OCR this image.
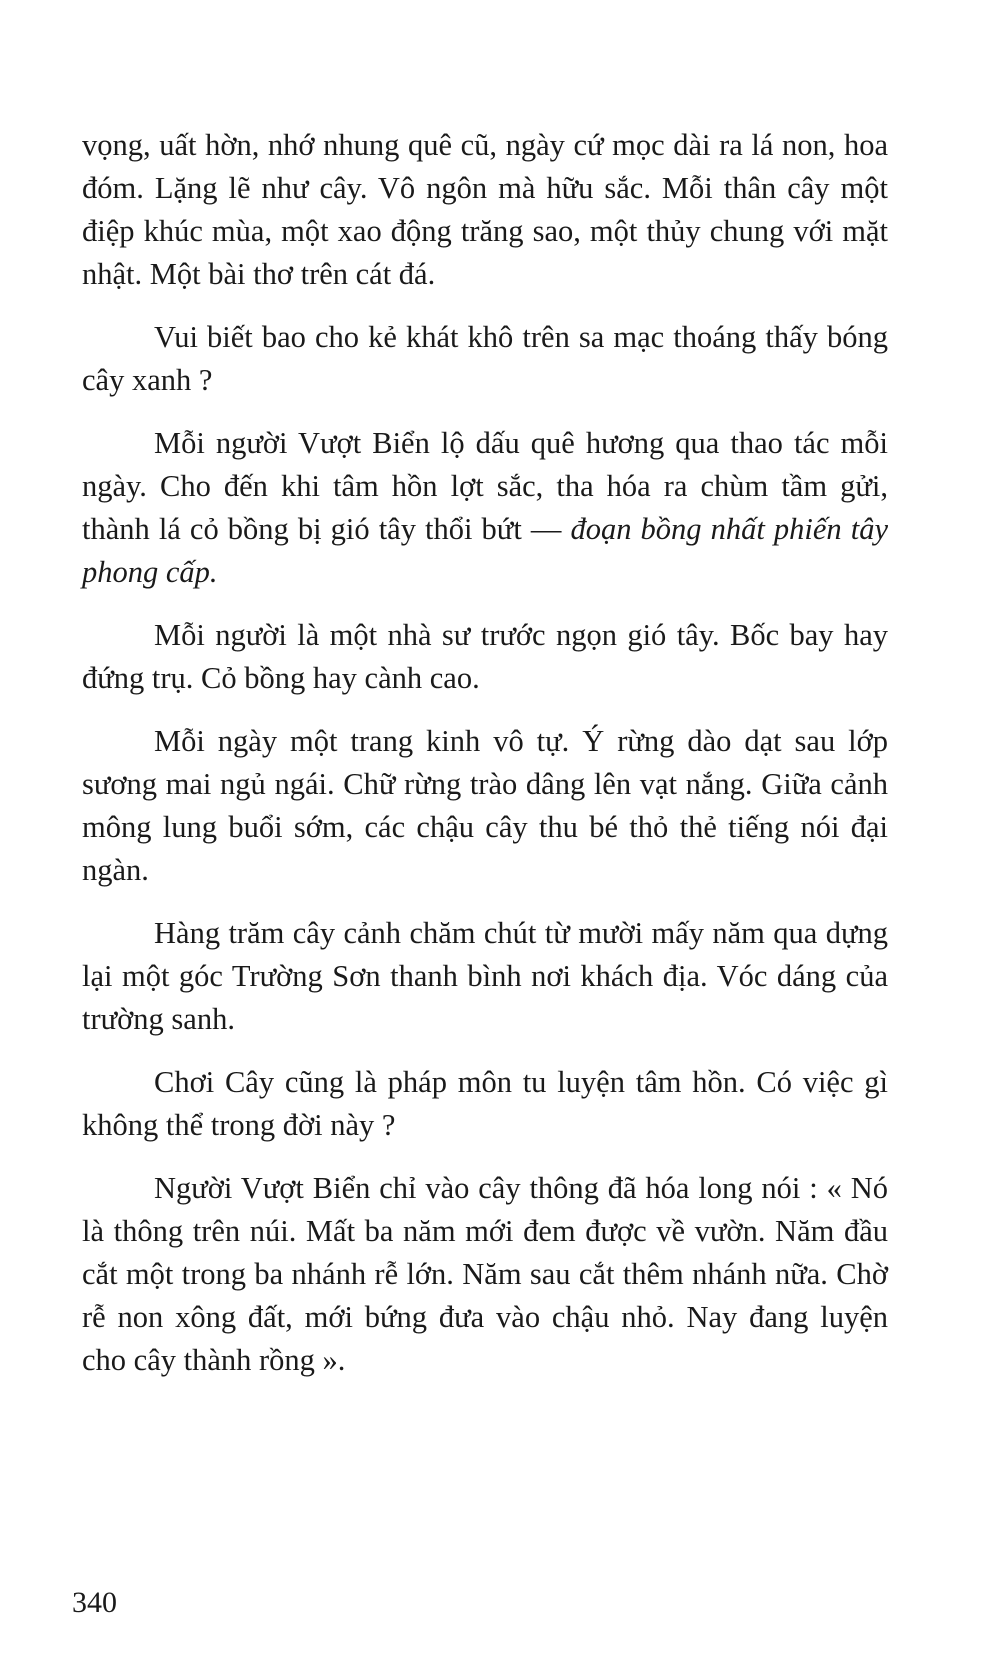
vọng, uất hờn, nhớ nhung quê cũ, ngày cứ mọc dài ra lá non, hoa đóm. Lặng lẽ như cây. Vô ngôn mà hữu sắc. Mỗi thân cây một điệp khúc mùa, một xao động trăng sao, một thủy chung với mặt nhật. Một bài thơ trên cát đá.

Vui biết bao cho kẻ khát khô trên sa mạc thoáng thấy bóng cây xanh ?

Mỗi người Vượt Biển lộ dấu quê hương qua thao tác mỗi ngày. Cho đến khi tâm hồn lợt sắc, tha hóa ra chùm tầm gửi, thành lá cỏ bồng bị gió tây thổi bứt — đoạn bồng nhất phiến tây phong cấp.

Mỗi người là một nhà sư trước ngọn gió tây. Bốc bay hay đứng trụ. Cỏ bồng hay cành cao.

Mỗi ngày một trang kinh vô tự. Ý rừng dào dạt sau lớp sương mai ngủ ngái. Chữ rừng trào dâng lên vạt nắng. Giữa cảnh mông lung buổi sớm, các chậu cây thu bé thỏ thẻ tiếng nói đại ngàn.

Hàng trăm cây cảnh chăm chút từ mười mấy năm qua dựng lại một góc Trường Sơn thanh bình nơi khách địa. Vóc dáng của trường sanh.

Chơi Cây cũng là pháp môn tu luyện tâm hồn. Có việc gì không thể trong đời này ?

Người Vượt Biển chỉ vào cây thông đã hóa long nói : « Nó là thông trên núi. Mất ba năm mới đem được về vườn. Năm đầu cắt một trong ba nhánh rễ lớn. Năm sau cắt thêm nhánh nữa. Chờ rễ non xông đất, mới bứng đưa vào chậu nhỏ. Nay đang luyện cho cây thành rồng ».

340
